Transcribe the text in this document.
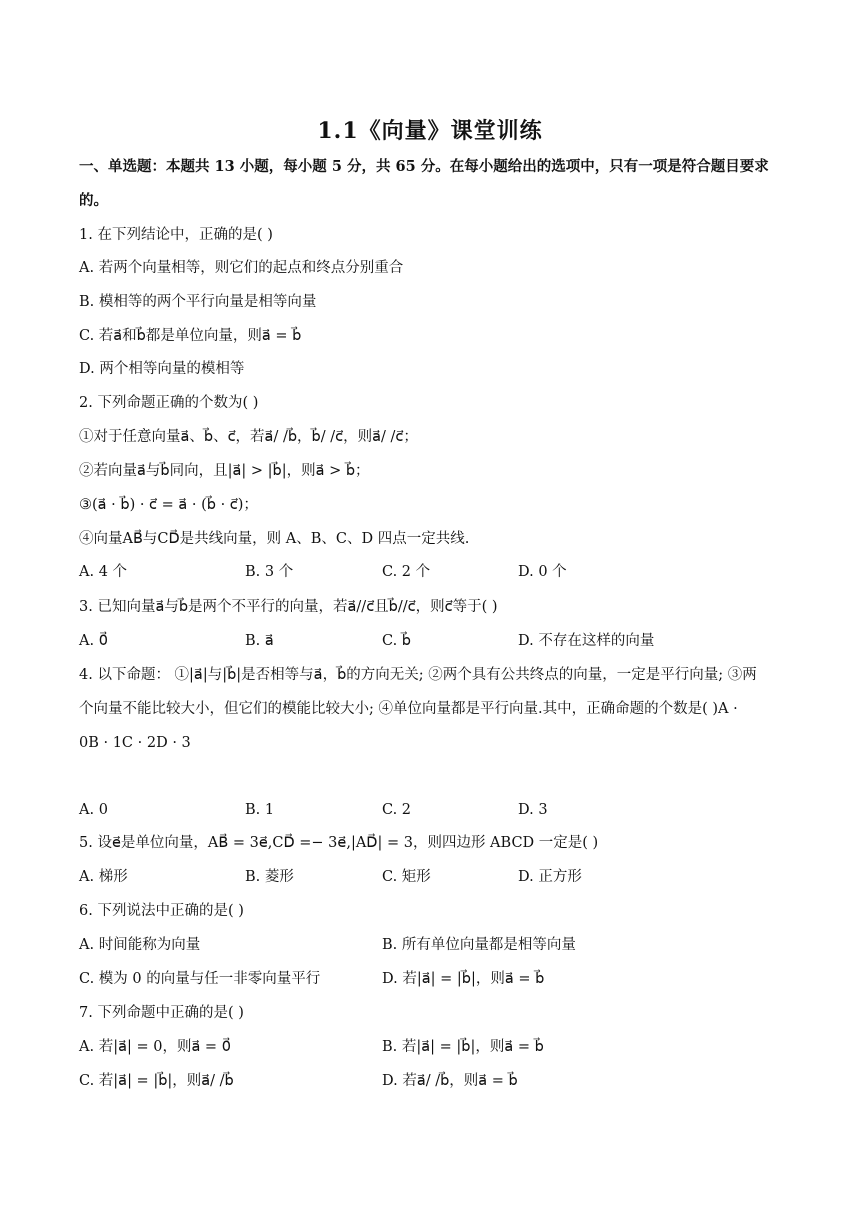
1.1《向量》课堂训练
一、单选题：本题共 13 小题，每小题 5 分，共 65 分。在每小题给出的选项中，只有一项是符合题目要求
的。
1. 在下列结论中，正确的是( )
A. 若两个向量相等，则它们的起点和终点分别重合
B. 模相等的两个平行向量是相等向量
C. 若a⃗和b⃗都是单位向量，则a⃗ = b⃗
D. 两个相等向量的模相等
2. 下列命题正确的个数为( )
①对于任意向量a⃗、b⃗、c⃗，若a⃗/ /b⃗，b⃗/ /c⃗，则a⃗/ /c⃗；
②若向量a⃗与b⃗同向，且|a⃗| > |b⃗|，则a⃗ > b⃗；
③(a⃗ · b⃗) · c⃗ = a⃗ · (b⃗ · c⃗)；
④向量AB⃗与CD⃗是共线向量，则 A、B、C、D 四点一定共线.
A. 4 个	B. 3 个	C. 2 个	D. 0 个
3. 已知向量a⃗与b⃗是两个不平行的向量，若a⃗//c⃗且b⃗//c⃗，则c⃗等于( )
A. 0⃗	B. a⃗	C. b⃗	D. 不存在这样的向量
4. 以下命题： ①|a⃗|与|b⃗|是否相等与a⃗，b⃗的方向无关; ②两个具有公共终点的向量，一定是平行向量; ③两
个向量不能比较大小，但它们的模能比较大小; ④单位向量都是平行向量.其中，正确命题的个数是( )A ·
0B · 1C · 2D · 3
A. 0	B. 1	C. 2	D. 3
5. 设e⃗是单位向量，AB⃗ = 3e⃗,CD⃗ =− 3e⃗,|AD⃗| = 3，则四边形 ABCD 一定是( )
A. 梯形	B. 菱形	C. 矩形	D. 正方形
6. 下列说法中正确的是( )
A. 时间能称为向量	B. 所有单位向量都是相等向量
C. 模为 0 的向量与任一非零向量平行	D. 若|a⃗| = |b⃗|，则a⃗ = b⃗
7. 下列命题中正确的是( )
A. 若|a⃗| = 0，则a⃗ = 0⃗	B. 若|a⃗| = |b⃗|，则a⃗ = b⃗
C. 若|a⃗| = |b⃗|，则a⃗/ /b⃗	D. 若a⃗/ /b⃗，则a⃗ = b⃗
